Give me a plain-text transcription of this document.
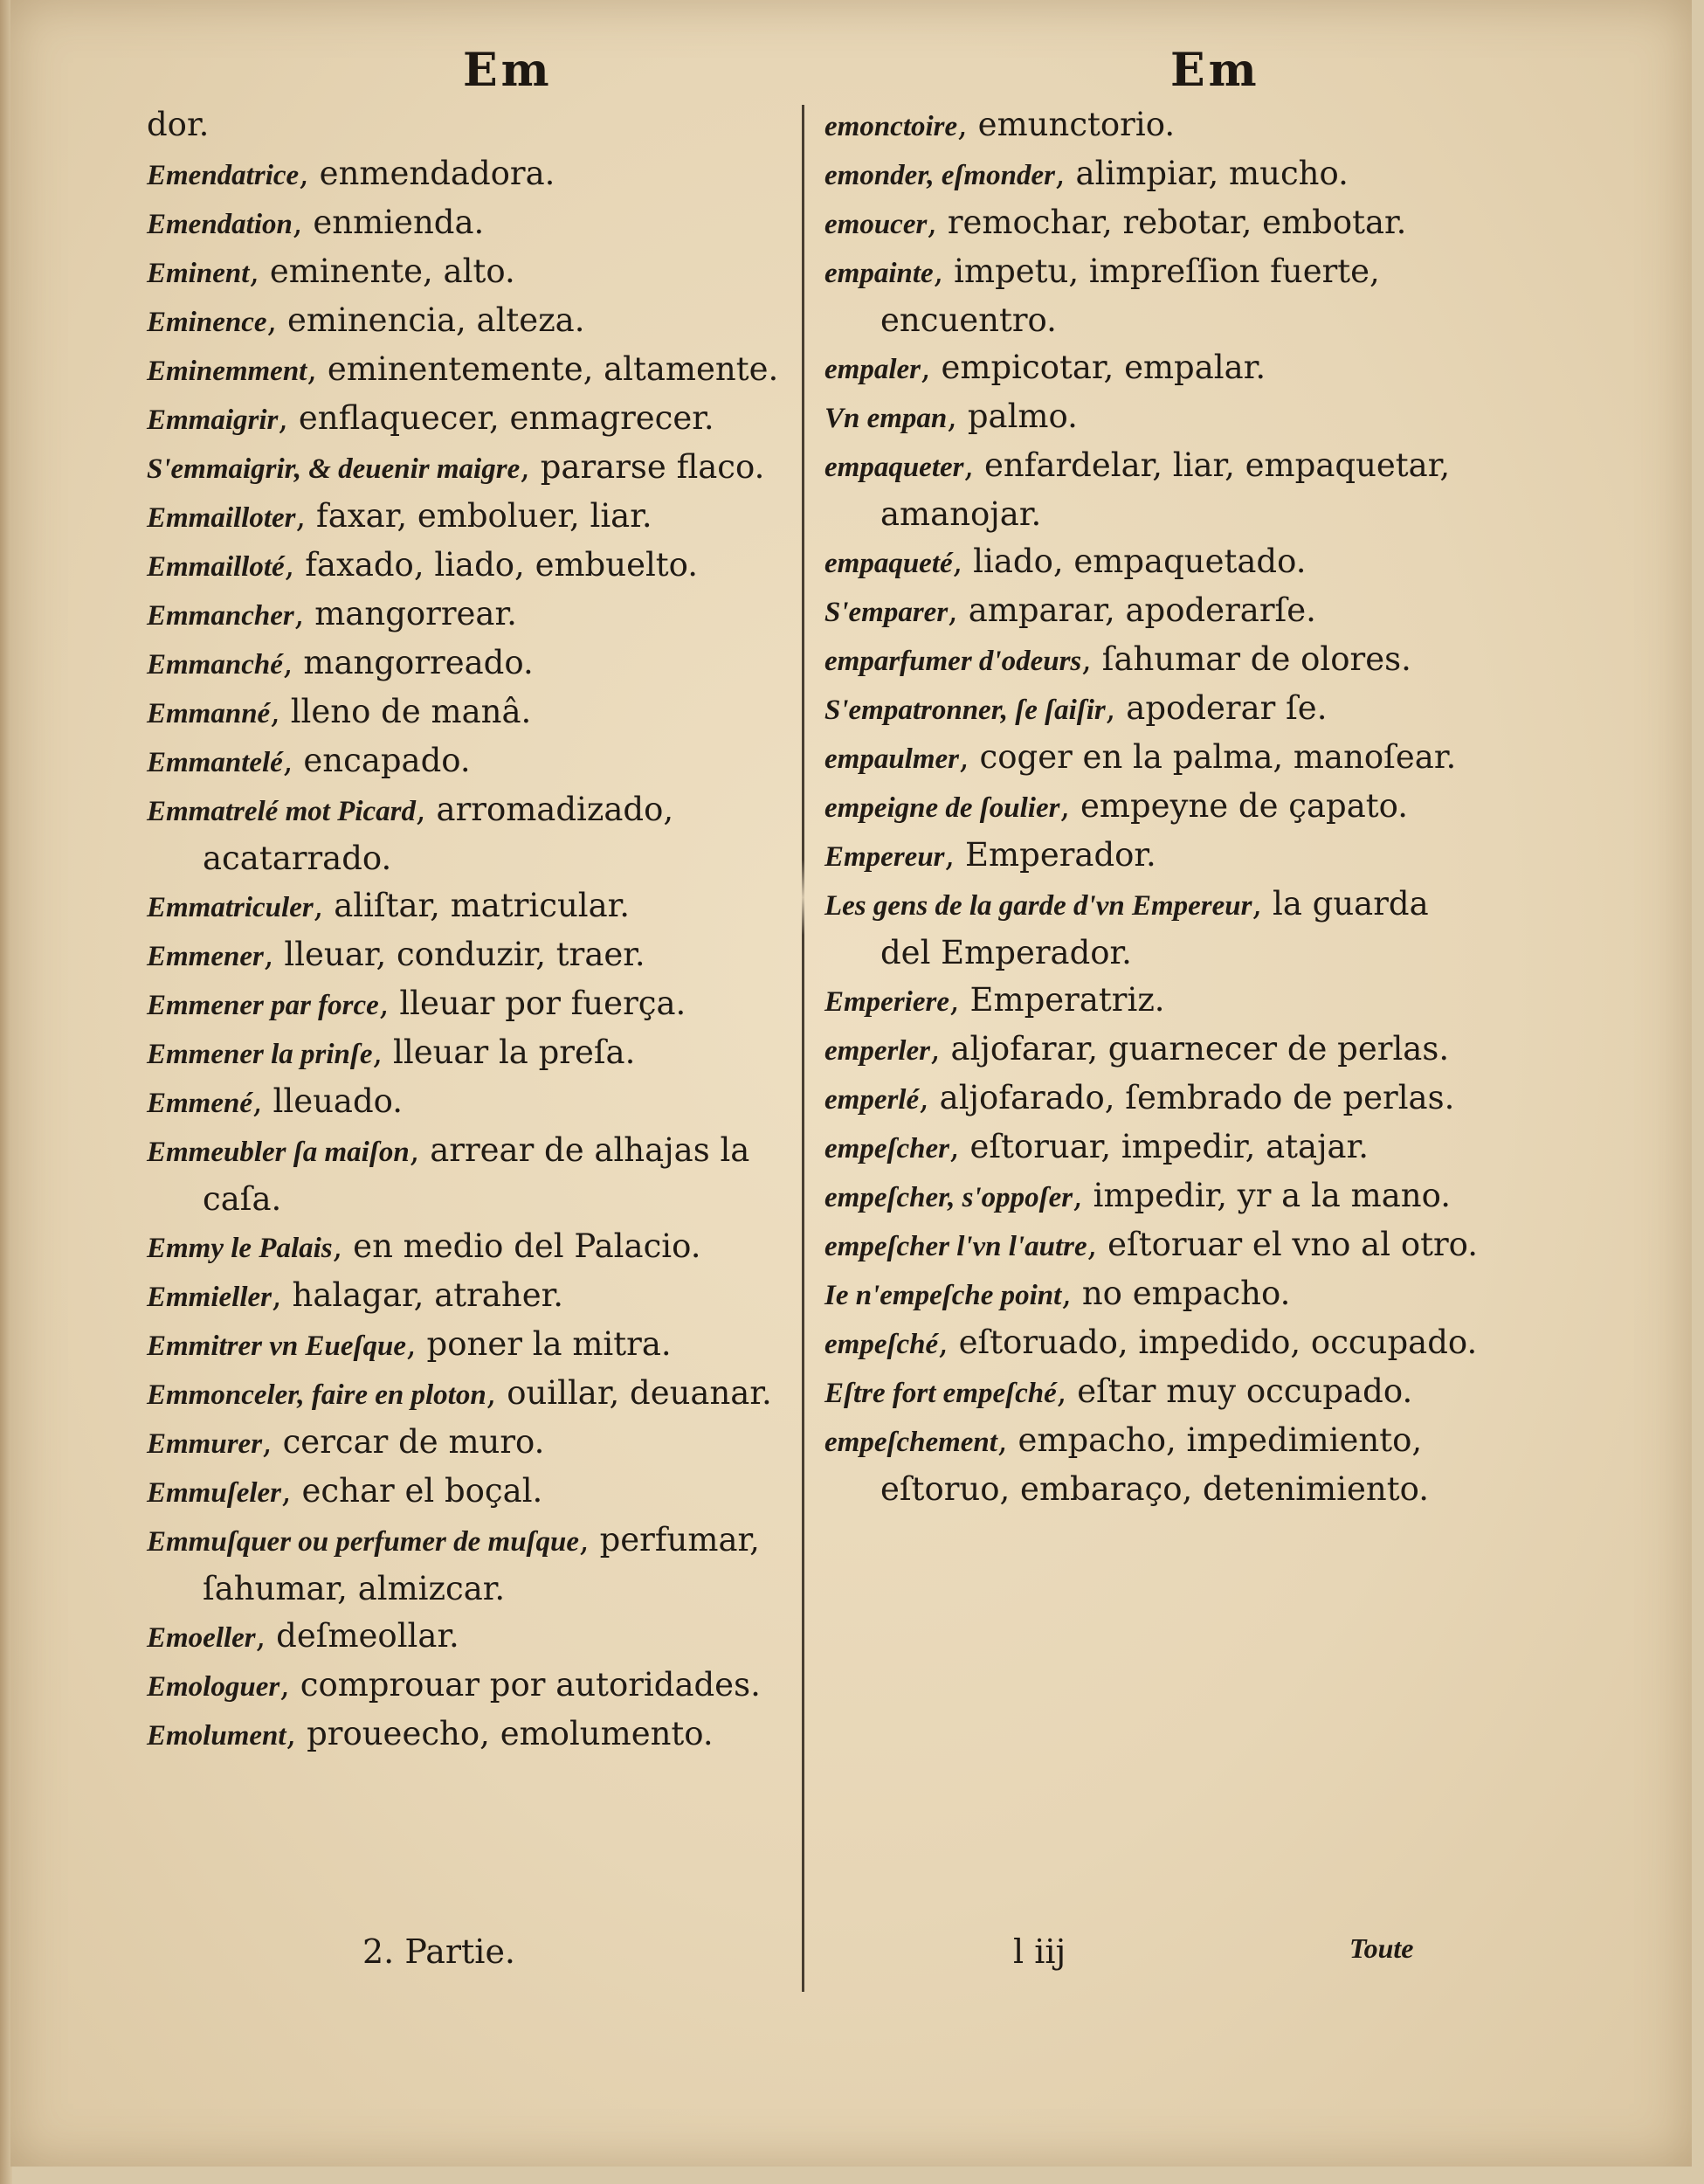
Em	Em
dor.
Emendatrice, enmendadora.
Emendation, enmienda.
Eminent, eminente, alto.
Eminence, eminencia, alteza.
Eminemment, eminentemente, altamente.
Emmaigrir, enflaquecer, enmagrecer.
S'emmaigrir, & deuenir maigre, pararse flaco.
Emmailloter, faxar, emboluer, liar.
Emmailloté, faxado, liado, embuelto.
Emmancher, mangorrear.
Emmanché, mangorreado.
Emmanné, lleno de manâ.
Emmantelé, encapado.
Emmatrelé mot Picard, arromadizado, acatarrado.
Emmatriculer, aliſtar, matricular.
Emmener, lleuar, conduzir, traer.
Emmener par force, lleuar por fuerça.
Emmener la prinſe, lleuar la preſa.
Emmené, lleuado.
Emmeubler ſa maiſon, arrear de alhajas la caſa.
Emmy le Palais, en medio del Palacio.
Emmieller, halagar, atraher.
Emmitrer vn Eueſque, poner la mitra.
Emmonceler, faire en ploton, ouillar, deuanar.
Emmurer, cercar de muro.
Emmuſeler, echar el boçal.
Emmuſquer ou perfumer de muſque, perfumar, ſahumar, almizcar.
Emoeller, deſmeollar.
Emologuer, comprouar por autoridades.
Emolument, proueecho, emolumento.
emonctoire, emunctorio.
emonder, eſmonder, alimpiar, mucho.
emoucer, remochar, rebotar, embotar.
empainte, impetu, impreſſion fuerte, encuentro.
empaler, empicotar, empalar.
Vn empan, palmo.
empaqueter, enfardelar, liar, empaquetar, amanojar.
empaqueté, liado, empaquetado.
S'emparer, amparar, apoderarſe.
emparfumer d'odeurs, ſahumar de olores.
S'empatronner, ſe ſaiſir, apoderar ſe.
empaulmer, coger en la palma, manoſear.
empeigne de ſoulier, empeyne de çapato.
Empereur, Emperador.
Les gens de la garde d'vn Empereur, la guarda del Emperador.
Emperiere, Emperatriz.
emperler, aljofarar, guarnecer de perlas.
emperlé, aljofarado, ſembrado de perlas.
empeſcher, eſtoruar, impedir, atajar.
empeſcher, s'oppoſer, impedir, yr a la mano.
empeſcher l'vn l'autre, eſtoruar el vno al otro.
Ie n'empeſche point, no empacho.
empeſché, eſtoruado, impedido, occupado.
Eſtre fort empeſché, eſtar muy occupado.
empeſchement, empacho, impedimiento, eſtoruo, embaraço, detenimiento.
2. Partie.	l iij	Toute
